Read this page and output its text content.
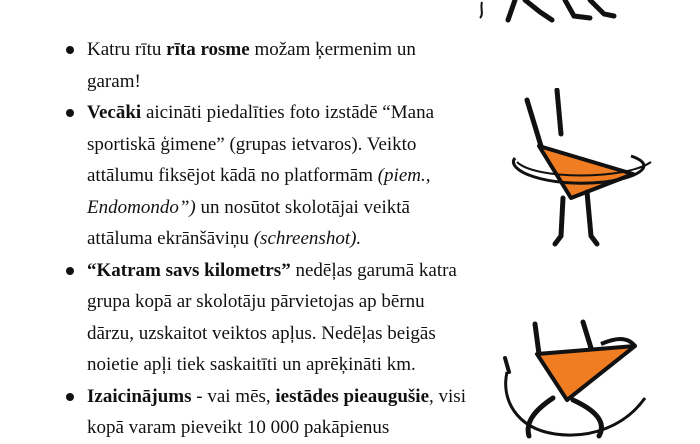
Katru rītu rīta rosme možam ķermenim un
garam!
Vecāki aicināti piedalīties foto izstādē “Mana
sportiskā ģimene” (grupas ietvaros). Veikto
attālumu fiksējot kādā no platformām (piem.,
Endomondo”) un nosūtot skolotājai veiktā
attāluma ekrānšāviņu (schreenshot).
“Katram savs kilometrs” nedēļas garumā katra
grupa kopā ar skolotāju pārvietojas ap bērnu
dārzu, uzskaitot veiktos apļus. Nedēļas beigās
noietie apļi tiek saskaitīti un aprēķināti km.
Izaicinājums - vai mēs, iestādes pieaugušie, visi
kopā varam pieveikt 10 000 pakāpienus
